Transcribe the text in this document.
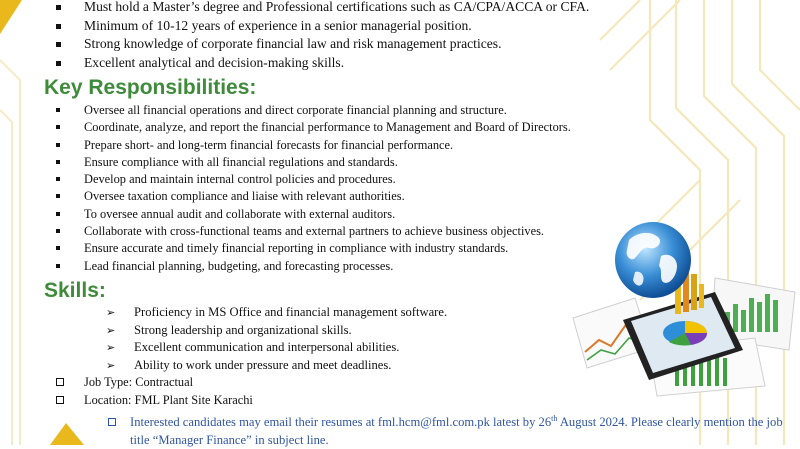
Must hold a Master’s degree and Professional certifications such as CA/CPA/ACCA or CFA.
Minimum of 10-12 years of experience in a senior managerial position.
Strong knowledge of corporate financial law and risk management practices.
Excellent analytical and decision-making skills.
Key Responsibilities:
Oversee all financial operations and direct corporate financial planning and structure.
Coordinate, analyze, and report the financial performance to Management and Board of Directors.
Prepare short- and long-term financial forecasts for financial performance.
Ensure compliance with all financial regulations and standards.
Develop and maintain internal control policies and procedures.
Oversee taxation compliance and liaise with relevant authorities.
To oversee annual audit and collaborate with external auditors.
Collaborate with cross-functional teams and external partners to achieve business objectives.
Ensure accurate and timely financial reporting in compliance with industry standards.
Lead financial planning, budgeting, and forecasting processes.
Skills:
➢ Proficiency in MS Office and financial management software.
➢ Strong leadership and organizational skills.
➢ Excellent communication and interpersonal abilities.
➢ Ability to work under pressure and meet deadlines.
Job Type: Contractual
Location: FML Plant Site Karachi
Interested candidates may email their resumes at fml.hcm@fml.com.pk latest by 26th August 2024. Please clearly mention the job title “Manager Finance” in subject line.
